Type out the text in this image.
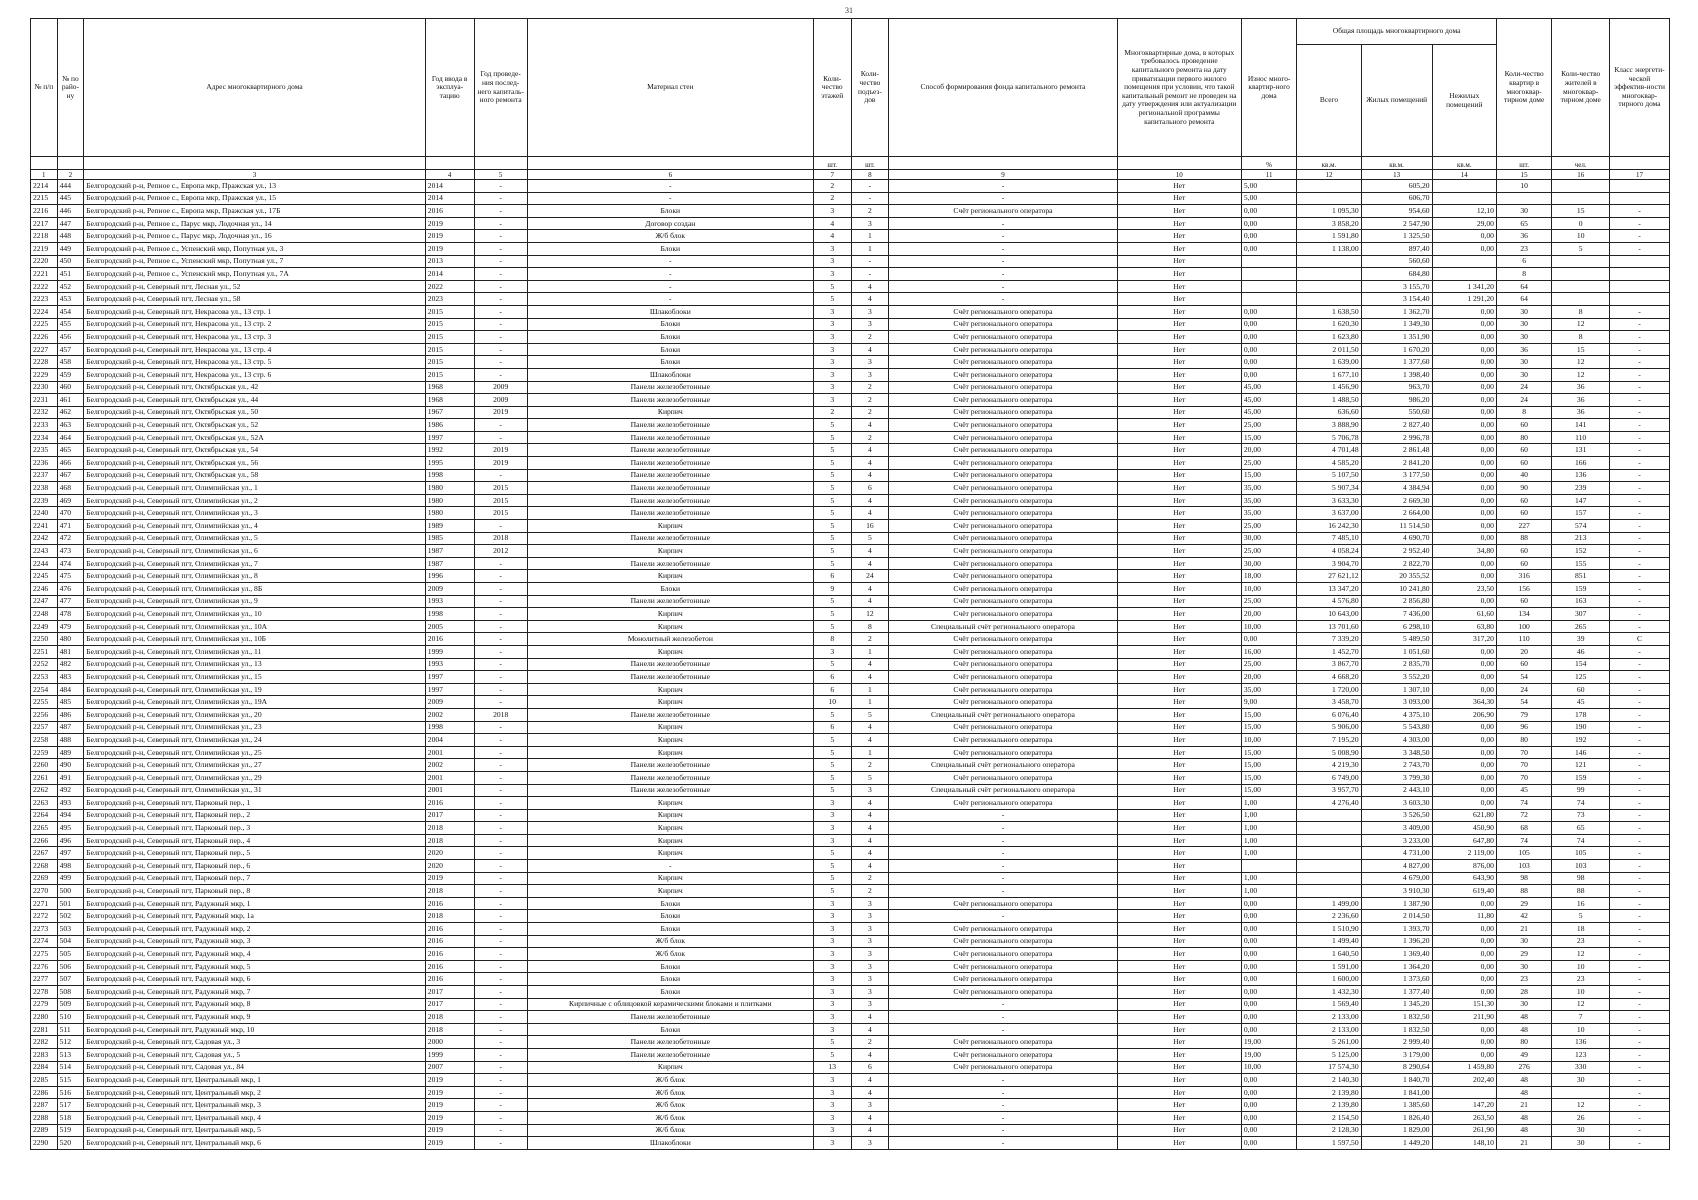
31
№ п/п	№ по райо-ну	Адрес многоквартирного дома	Год ввода в эксплуа-тацию	Год проведе-ния послед-него капиталь-ного ремонта	Материал стен	Коли-чество этажей	Коли-чество подъез-дов	Способ формирования фонда капитального ремонта	Многоквартирные дома, в которых требовалось проведение капитального ремонта на дату приватизации первого жилого помещения при условии, что такой капитальный ремонт не проведен на дату утверждения или актуализации региональной программы капитального ремонта	Износ много-квартир-ного дома	Общая площадь многоквартирного дома			Коли-чество квартир в многоквар-тирном доме	Коли-чество жителей в многоквар-тирном доме	Класс энергети-ческой эффектив-ности многоквар-тирного дома
											Всего	Жилых помещений	Нежилых помещений			
						шт.	шт.			%	кв.м.	кв.м.	кв.м.	шт.	чел.	
1	2	3	4	5	6	7	8	9	10	11	12	13	14	15	16	17
2214	444	Белгородский р-н, Репное с., Европа мкр, Пражская ул., 13	2014	-	-	2	-	-	Нет	5,00		605,20		10		
2215	445	Белгородский р-н, Репное с., Европа мкр, Пражская ул., 15	2014	-	-	2	-	-	Нет	5,00		606,70				
2216	446	Белгородский р-н, Репное с., Европа мкр, Пражская ул., 17Б	2016	-	Блоки	3	2	Счёт регионального оператора	Нет	0,00	1 095,30	954,60	12,10	30	15	-
2217	447	Белгородский р-н, Репное с., Парус мкр, Лодочная ул., 14	2019	-	Договор создан	4	3	-	Нет	0,00	3 858,20	2 547,90	29,00	65	0	-
2218	448	Белгородский р-н, Репное с., Парус мкр, Лодочная ул., 16	2019	-	Ж/б блок	4	1	-	Нет	0,00	1 591,80	1 325,50	0,00	36	10	-
2219	449	Белгородский р-н, Репное с., Успенский мкр, Попутная ул., 3	2019	-	Блоки	3	1	-	Нет	0,00	1 138,00	897,40	0,00	23	5	-
2220	450	Белгородский р-н, Репное с., Успенский мкр, Попутная ул., 7	2013	-	-	3	-	-	Нет			560,60		6		
2221	451	Белгородский р-н, Репное с., Успенский мкр, Попутная ул., 7А	2014	-	-	3	-	-	Нет			684,80		8		
2222	452	Белгородский р-н, Северный пгт, Лесная ул., 52	2022	-	-	5	4	-	Нет			3 155,70	1 341,20	64		
2223	453	Белгородский р-н, Северный пгт, Лесная ул., 58	2023	-	-	5	4	-	Нет			3 154,40	1 291,20	64		
2224	454	Белгородский р-н, Северный пгт, Некрасова ул., 13 стр. 1	2015	-	Шлакоблоки	3	3	Счёт регионального оператора	Нет	0,00	1 638,50	1 362,70	0,00	30	8	-
2225	455	Белгородский р-н, Северный пгт, Некрасова ул., 13 стр. 2	2015	-	Блоки	3	3	Счёт регионального оператора	Нет	0,00	1 620,30	1 349,30	0,00	30	12	-
2226	456	Белгородский р-н, Северный пгт, Некрасова ул., 13 стр. 3	2015	-	Блоки	3	2	Счёт регионального оператора	Нет	0,00	1 623,80	1 351,90	0,00	30	8	-
2227	457	Белгородский р-н, Северный пгт, Некрасова ул., 13 стр. 4	2015	-	Блоки	3	4	Счёт регионального оператора	Нет	0,00	2 011,50	1 670,20	0,00	36	15	-
2228	458	Белгородский р-н, Северный пгт, Некрасова ул., 13 стр. 5	2015	-	Блоки	3	3	Счёт регионального оператора	Нет	0,00	1 639,00	1 377,60	0,00	30	12	-
2229	459	Белгородский р-н, Северный пгт, Некрасова ул., 13 стр. 6	2015	-	Шлакоблоки	3	3	Счёт регионального оператора	Нет	0,00	1 677,10	1 398,40	0,00	30	12	-
2230	460	Белгородский р-н, Северный пгт, Октябрьская ул., 42	1968	2009	Панели железобетонные	3	2	Счёт регионального оператора	Нет	45,00	1 456,90	963,70	0,00	24	36	-
2231	461	Белгородский р-н, Северный пгт, Октябрьская ул., 44	1968	2009	Панели железобетонные	3	2	Счёт регионального оператора	Нет	45,00	1 488,50	986,20	0,00	24	36	-
2232	462	Белгородский р-н, Северный пгт, Октябрьская ул., 50	1967	2019	Кирпич	2	2	Счёт регионального оператора	Нет	45,00	636,60	550,60	0,00	8	36	-
2233	463	Белгородский р-н, Северный пгт, Октябрьская ул., 52	1986	-	Панели железобетонные	5	4	Счёт регионального оператора	Нет	25,00	3 888,90	2 827,40	0,00	60	141	-
2234	464	Белгородский р-н, Северный пгт, Октябрьская ул., 52А	1997	-	Панели железобетонные	5	2	Счёт регионального оператора	Нет	15,00	5 706,78	2 996,78	0,00	80	110	-
2235	465	Белгородский р-н, Северный пгт, Октябрьская ул., 54	1992	2019	Панели железобетонные	5	4	Счёт регионального оператора	Нет	20,00	4 701,48	2 861,48	0,00	60	131	-
2236	466	Белгородский р-н, Северный пгт, Октябрьская ул., 56	1995	2019	Панели железобетонные	5	4	Счёт регионального оператора	Нет	25,00	4 585,20	2 841,20	0,00	60	166	-
2237	467	Белгородский р-н, Северный пгт, Октябрьская ул., 58	1998	-	Панели железобетонные	5	4	Счёт регионального оператора	Нет	15,00	5 107,50	3 177,50	0,00	40	136	-
2238	468	Белгородский р-н, Северный пгт, Олимпийская ул., 1	1980	2015	Панели железобетонные	5	6	Счёт регионального оператора	Нет	35,00	5 907,34	4 384,94	0,00	90	239	-
2239	469	Белгородский р-н, Северный пгт, Олимпийская ул., 2	1980	2015	Панели железобетонные	5	4	Счёт регионального оператора	Нет	35,00	3 633,30	2 669,30	0,00	60	147	-
2240	470	Белгородский р-н, Северный пгт, Олимпийская ул., 3	1980	2015	Панели железобетонные	5	4	Счёт регионального оператора	Нет	35,00	3 637,00	2 664,00	0,00	60	157	-
2241	471	Белгородский р-н, Северный пгт, Олимпийская ул., 4	1989	-	Кирпич	5	16	Счёт регионального оператора	Нет	25,00	16 242,30	11 514,50	0,00	227	574	-
2242	472	Белгородский р-н, Северный пгт, Олимпийская ул., 5	1985	2018	Панели железобетонные	5	5	Счёт регионального оператора	Нет	30,00	7 485,10	4 690,70	0,00	88	213	-
2243	473	Белгородский р-н, Северный пгт, Олимпийская ул., 6	1987	2012	Кирпич	5	4	Счёт регионального оператора	Нет	25,00	4 058,24	2 952,40	34,80	60	152	-
2244	474	Белгородский р-н, Северный пгт, Олимпийская ул., 7	1987	-	Панели железобетонные	5	4	Счёт регионального оператора	Нет	30,00	3 904,70	2 822,70	0,00	60	155	-
2245	475	Белгородский р-н, Северный пгт, Олимпийская ул., 8	1996	-	Кирпич	6	24	Счёт регионального оператора	Нет	18,00	27 621,12	20 355,52	0,00	316	851	-
2246	476	Белгородский р-н, Северный пгт, Олимпийская ул., 8Б	2009	-	Блоки	9	4	Счёт регионального оператора	Нет	10,00	13 347,20	10 241,80	23,50	156	159	-
2247	477	Белгородский р-н, Северный пгт, Олимпийская ул., 9	1993	-	Панели железобетонные	5	4	Счёт регионального оператора	Нет	25,00	4 576,80	2 856,80	0,00	60	163	-
2248	478	Белгородский р-н, Северный пгт, Олимпийская ул., 10	1998	-	Кирпич	5	12	Счёт регионального оператора	Нет	20,00	10 643,00	7 436,00	61,60	134	307	-
2249	479	Белгородский р-н, Северный пгт, Олимпийская ул., 10А	2005	-	Кирпич	5	8	Специальный счёт регионального оператора	Нет	10,00	13 701,60	6 298,10	63,80	100	265	-
2250	480	Белгородский р-н, Северный пгт, Олимпийская ул., 10Б	2016	-	Монолитный железобетон	8	2	Счёт регионального оператора	Нет	0,00	7 339,20	5 489,50	317,20	110	39	C
2251	481	Белгородский р-н, Северный пгт, Олимпийская ул., 11	1999	-	Кирпич	3	1	Счёт регионального оператора	Нет	16,00	1 452,70	1 051,60	0,00	20	46	-
2252	482	Белгородский р-н, Северный пгт, Олимпийская ул., 13	1993	-	Панели железобетонные	5	4	Счёт регионального оператора	Нет	25,00	3 867,70	2 835,70	0,00	60	154	-
2253	483	Белгородский р-н, Северный пгт, Олимпийская ул., 15	1997	-	Панели железобетонные	6	4	Счёт регионального оператора	Нет	20,00	4 668,20	3 552,20	0,00	54	125	-
2254	484	Белгородский р-н, Северный пгт, Олимпийская ул., 19	1997	-	Кирпич	6	1	Счёт регионального оператора	Нет	35,00	1 720,00	1 307,10	0,00	24	60	-
2255	485	Белгородский р-н, Северный пгт, Олимпийская ул., 19А	2009	-	Кирпич	10	1	Счёт регионального оператора	Нет	9,00	3 458,70	3 093,00	364,30	54	45	-
2256	486	Белгородский р-н, Северный пгт, Олимпийская ул., 20	2002	2018	Панели железобетонные	5	5	Специальный счёт регионального оператора	Нет	15,00	6 076,40	4 375,10	206,90	79	178	-
2257	487	Белгородский р-н, Северный пгт, Олимпийская ул., 23	1998	-	Кирпич	6	4	Счёт регионального оператора	Нет	15,00	5 906,00	5 543,80	0,00	96	190	-
2258	488	Белгородский р-н, Северный пгт, Олимпийская ул., 24	2004	-	Кирпич	5	4	Счёт регионального оператора	Нет	10,00	7 195,20	4 303,00	0,00	80	192	-
2259	489	Белгородский р-н, Северный пгт, Олимпийская ул., 25	2001	-	Кирпич	5	1	Счёт регионального оператора	Нет	15,00	5 008,90	3 348,50	0,00	70	146	-
2260	490	Белгородский р-н, Северный пгт, Олимпийская ул., 27	2002	-	Панели железобетонные	5	2	Специальный счёт регионального оператора	Нет	15,00	4 219,30	2 743,70	0,00	70	121	-
2261	491	Белгородский р-н, Северный пгт, Олимпийская ул., 29	2001	-	Панели железобетонные	5	5	Счёт регионального оператора	Нет	15,00	6 749,00	3 799,30	0,00	70	159	-
2262	492	Белгородский р-н, Северный пгт, Олимпийская ул., 31	2001	-	Панели железобетонные	5	3	Специальный счёт регионального оператора	Нет	15,00	3 957,70	2 443,10	0,00	45	99	-
2263	493	Белгородский р-н, Северный пгт, Парковый пер., 1	2016	-	Кирпич	3	4	Счёт регионального оператора	Нет	1,00	4 276,40	3 603,30	0,00	74	74	-
2264	494	Белгородский р-н, Северный пгт, Парковый пер., 2	2017	-	Кирпич	3	4	-	Нет	1,00		3 526,50	621,80	72	73	-
2265	495	Белгородский р-н, Северный пгт, Парковый пер., 3	2018	-	Кирпич	3	4	-	Нет	1,00		3 409,00	450,90	68	65	-
2266	496	Белгородский р-н, Северный пгт, Парковый пер., 4	2018	-	Кирпич	3	4	-	Нет	1,00		3 233,00	647,80	74	74	-
2267	497	Белгородский р-н, Северный пгт, Парковый пер., 5	2020	-	Кирпич	5	4	-	Нет	1,00		4 731,00	2 119,00	105	105	-
2268	498	Белгородский р-н, Северный пгт, Парковый пер., 6	2020	-	-	5	4	-	Нет			4 827,00	876,00	103	103	-
2269	499	Белгородский р-н, Северный пгт, Парковый пер., 7	2019	-	Кирпич	5	2	-	Нет	1,00		4 679,00	643,90	98	98	-
2270	500	Белгородский р-н, Северный пгт, Парковый пер., 8	2018	-	Кирпич	5	2	-	Нет	1,00		3 910,30	619,40	88	88	-
2271	501	Белгородский р-н, Северный пгт, Радужный мкр, 1	2016	-	Блоки	3	3	Счёт регионального оператора	Нет	0,00	1 499,00	1 387,90	0,00	29	16	-
2272	502	Белгородский р-н, Северный пгт, Радужный мкр, 1а	2018	-	Блоки	3	3	-	Нет	0,00	2 236,60	2 014,50	11,80	42	5	-
2273	503	Белгородский р-н, Северный пгт, Радужный мкр, 2	2016	-	Блоки	3	3	Счёт регионального оператора	Нет	0,00	1 510,90	1 393,70	0,00	21	18	-
2274	504	Белгородский р-н, Северный пгт, Радужный мкр, 3	2016	-	Ж/б блок	3	3	Счёт регионального оператора	Нет	0,00	1 499,40	1 396,20	0,00	30	23	-
2275	505	Белгородский р-н, Северный пгт, Радужный мкр, 4	2016	-	Ж/б блок	3	3	Счёт регионального оператора	Нет	0,00	1 640,50	1 369,40	0,00	29	12	-
2276	506	Белгородский р-н, Северный пгт, Радужный мкр, 5	2016	-	Блоки	3	3	Счёт регионального оператора	Нет	0,00	1 591,00	1 364,20	0,00	30	10	-
2277	507	Белгородский р-н, Северный пгт, Радужный мкр, 6	2016	-	Блоки	3	3	Счёт регионального оператора	Нет	0,00	1 600,00	1 373,60	0,00	23	23	-
2278	508	Белгородский р-н, Северный пгт, Радужный мкр, 7	2017	-	Блоки	3	3	Счёт регионального оператора	Нет	0,00	1 432,30	1 377,40	0,00	28	10	-
2279	509	Белгородский р-н, Северный пгт, Радужный мкр, 8	2017	-	Кирпичные с облицовкой керамическими блоками и плитками	3	3	-	Нет	0,00	1 569,40	1 345,20	151,30	30	12	-
2280	510	Белгородский р-н, Северный пгт, Радужный мкр, 9	2018	-	Панели железобетонные	3	4	-	Нет	0,00	2 133,00	1 832,50	211,90	48	7	-
2281	511	Белгородский р-н, Северный пгт, Радужный мкр, 10	2018	-	Блоки	3	4	-	Нет	0,00	2 133,00	1 832,50	0,00	48	10	-
2282	512	Белгородский р-н, Северный пгт, Садовая ул., 3	2000	-	Панели железобетонные	5	2	Счёт регионального оператора	Нет	19,00	5 261,00	2 999,40	0,00	80	136	-
2283	513	Белгородский р-н, Северный пгт, Садовая ул., 5	1999	-	Панели железобетонные	5	4	Счёт регионального оператора	Нет	19,00	5 125,00	3 179,00	0,00	49	123	-
2284	514	Белгородский р-н, Северный пгт, Садовая ул., 84	2007	-	Кирпич	13	6	Счёт регионального оператора	Нет	10,00	17 574,30	8 290,64	1 459,80	276	330	-
2285	515	Белгородский р-н, Северный пгт, Центральный мкр, 1	2019	-	Ж/б блок	3	4	-	Нет	0,00	2 140,30	1 840,70	202,40	48	30	-
2286	516	Белгородский р-н, Северный пгт, Центральный мкр, 2	2019	-	Ж/б блок	3	4	-	Нет	0,00	2 139,80	1 841,00		48		-
2287	517	Белгородский р-н, Северный пгт, Центральный мкр, 3	2019	-	Ж/б блок	3	3	-	Нет	0,00	2 139,80	1 385,60	147,20	21	12	-
2288	518	Белгородский р-н, Северный пгт, Центральный мкр, 4	2019	-	Ж/б блок	3	4	-	Нет	0,00	2 154,50	1 826,40	263,50	48	26	-
2289	519	Белгородский р-н, Северный пгт, Центральный мкр, 5	2019	-	Ж/б блок	3	4	-	Нет	0,00	2 128,30	1 829,00	261,90	48	30	-
2290	520	Белгородский р-н, Северный пгт, Центральный мкр, 6	2019	-	Шлакоблоки	3	3	-	Нет	0,00	1 597,50	1 449,20	148,10	21	30	-
